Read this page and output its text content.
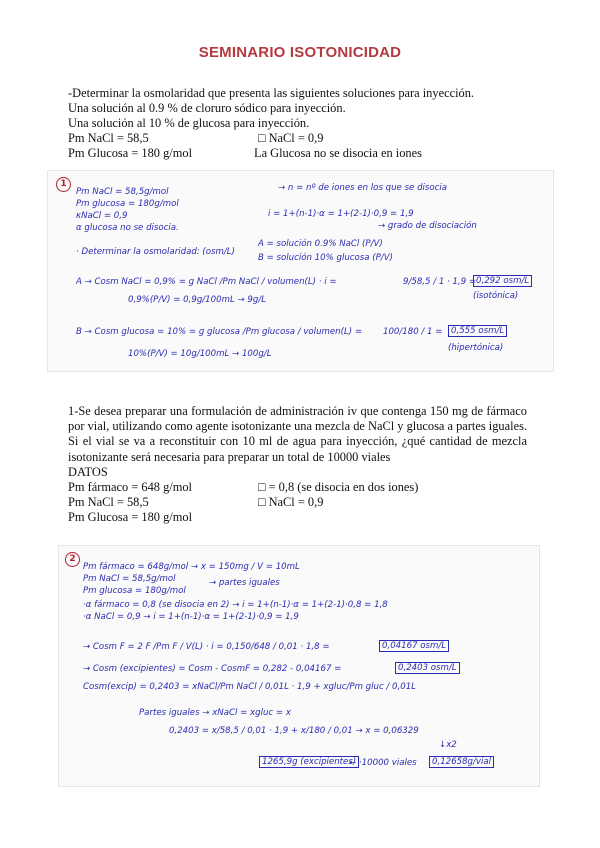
SEMINARIO ISOTONICIDAD
-Determinar la osmolaridad que presenta las siguientes soluciones para inyección.
Una solución al 0.9 % de cloruro sódico para inyección.
Una solución al 10 % de glucosa para inyección.
Pm NaCl = 58,5	□ NaCl = 0,9
Pm Glucosa = 180 g/mol	La Glucosa no se disocia en iones
1
Pm NaCl = 58,5g/mol
Pm glucosa = 180g/mol
κNaCl = 0,9
α glucosa no se disocia.
→ n = nº de iones en los que se disocia
i = 1+(n-1)·α = 1+(2-1)·0,9 = 1,9
→ grado de disociación
· Determinar la osmolaridad: (osm/L)
A = solución 0.9% NaCl (P/V)
B = solución 10% glucosa (P/V)
A → Cosm NaCl = 0,9% = g NaCl /Pm NaCl / volumen(L) · i =	9/58,5 / 1 · 1,9 = 0,292 osm/L
(isotónica)
0,9%(P/V) = 0,9g/100mL → 9g/L
B → Cosm glucosa = 10% = g glucosa /Pm glucosa / volumen(L) = 100/180 / 1 = 0,555 osm/L
(hipertónica)
10%(P/V) = 10g/100mL → 100g/L
1-Se desea preparar una formulación de administración iv que contenga 150 mg de fármaco por vial, utilizando como agente isotonizante una mezcla de NaCl y glucosa a partes iguales. Si el vial se va a reconstituir con 10 ml de agua para inyección, ¿qué cantidad de mezcla isotonizante será necesaria para preparar un total de 10000 viales
DATOS
Pm fármaco = 648 g/mol	□ = 0,8 (se disocia en dos iones)
Pm NaCl = 58,5	□ NaCl = 0,9
Pm Glucosa = 180 g/mol
2
Pm fármaco = 648g/mol → x = 150mg / V = 10mL
Pm NaCl = 58,5g/mol	→ partes iguales
Pm glucosa = 180g/mol
·α fármaco = 0,8 (se disocia en 2) → i = 1+(n-1)·α = 1+(2-1)·0,8 = 1,8
·α NaCl = 0,9 → i = 1+(n-1)·α = 1+(2-1)·0,9 = 1,9
→ Cosm F = 2 F /Pm F / V(L) · i = 0,150/648 / 0,01 · 1,8 =	0,04167 osm/L
→ Cosm (excipientes) = Cosm - CosmF = 0,282 - 0,04167 =	0,2403 osm/L
Cosm(excip) = 0,2403 = xNaCl/Pm NaCl / 0,01L · 1,9 + xgluc/Pm gluc / 0,01L
Partes iguales → xNaCl = xgluc = x
0,2403 = x/58,5 / 0,01 · 1,9 + x/180 / 0,01 → x = 0,06329
↓x2
1265,9g (excipientes)
← ·10000 viales	0,12658g/vial
